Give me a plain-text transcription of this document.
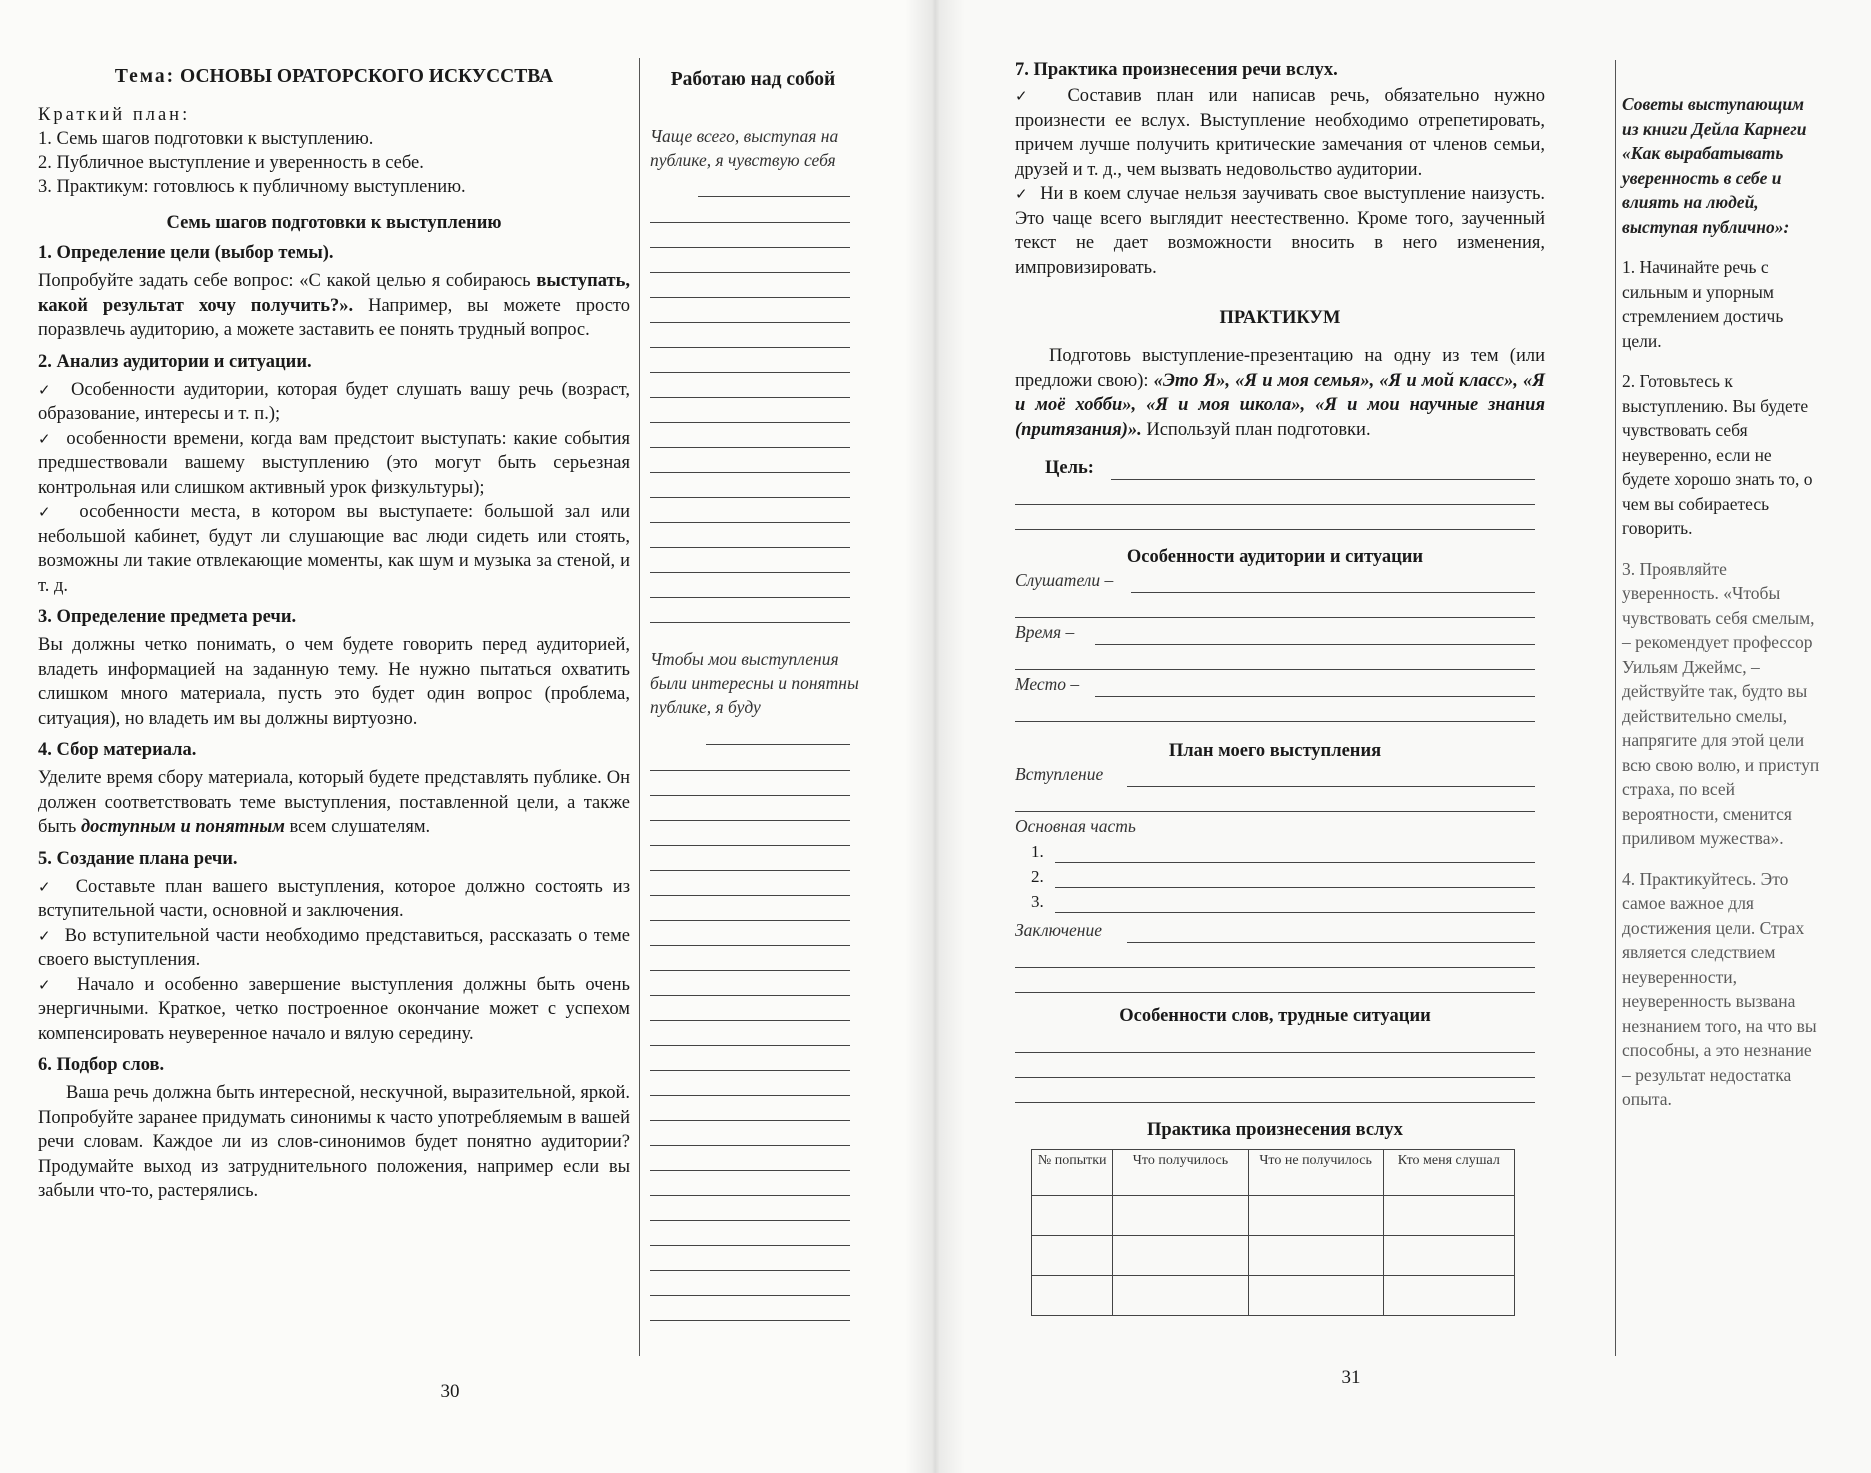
Тема: ОСНОВЫ ОРАТОРСКОГО ИСКУССТВА

Краткий план:

1. Семь шагов подготовки к выступлению.

2. Публичное выступление и уверенность в себе.

3. Практикум: готовлюсь к публичному выступлению.

Семь шагов подготовки к выступлению

1. Определение цели (выбор темы).

Попробуйте задать себе вопрос: «С какой целью я собираюсь выступать, какой результат хочу получить?». Например, вы можете просто поразвлечь аудиторию, а можете заставить ее понять трудный вопрос.

2. Анализ аудитории и ситуации.

✓ Особенности аудитории, которая будет слушать вашу речь (возраст, образование, интересы и т. п.);

✓ особенности времени, когда вам предстоит выступать: какие события предшествовали вашему выступлению (это могут быть серьезная контрольная или слишком активный урок физкультуры);

✓ особенности места, в котором вы выступаете: большой зал или небольшой кабинет, будут ли слушающие вас люди сидеть или стоять, возможны ли такие отвлекающие моменты, как шум и музыка за стеной, и т. д.

3. Определение предмета речи.

Вы должны четко понимать, о чем будете говорить перед аудиторией, владеть информацией на заданную тему. Не нужно пытаться охватить слишком много материала, пусть это будет один вопрос (проблема, ситуация), но владеть им вы должны виртуозно.

4. Сбор материала.

Уделите время сбору материала, который будете представлять публике. Он должен соответствовать теме выступления, поставленной цели, а также быть доступным и понятным всем слушателям.

5. Создание плана речи.

✓ Составьте план вашего выступления, которое должно состоять из вступительной части, основной и заключения.

✓ Во вступительной части необходимо представиться, рассказать о теме своего выступления.

✓ Начало и особенно завершение выступления должны быть очень энергичными. Краткое, четко построенное окончание может с успехом компенсировать неуверенное начало и вялую середину.

6. Подбор слов.

Ваша речь должна быть интересной, нескучной, выразительной, яркой. Попробуйте заранее придумать синонимы к часто употребляемым в вашей речи словам. Каждое ли из слов-синонимов будет понятно аудитории? Продумайте выход из затруднительного положения, например если вы забыли что-то, растерялись.

Работаю над собой
Чаще всего, выступая на публике, я чувствую себя
Чтобы мои выступления были интересны и понятны публике, я буду
30

7. Практика произнесения речи вслух.

✓ Составив план или написав речь, обязательно нужно произнести ее вслух. Выступление необходимо отрепетировать, причем лучше получить критические замечания от членов семьи, друзей и т. д., чем вызвать недовольство аудитории.

✓ Ни в коем случае нельзя заучивать свое выступление наизусть. Это чаще всего выглядит неестественно. Кроме того, заученный текст не дает возможности вносить в него изменения, импровизировать.

ПРАКТИКУМ
Подготовь выступление-презентацию на одну из тем (или предложи свою): «Это Я», «Я и моя семья», «Я и мой класс», «Я и моё хобби», «Я и моя школа», «Я и мои научные знания (притязания)». Используй план подготовки.
Цель:
Особенности аудитории и ситуации
Слушатели –
Время –
Место –
План моего выступления
Вступление
Основная часть
1.
2.
3.
Заключение
Особенности слов, трудные ситуации
Практика произнесения вслух
№ попытки	Что получилось	Что не получилось	Кто меня слушал

Советы выступающим из книги Дейла Карнеги «Как вырабатывать уверенность в себе и влиять на людей, выступая публично»:

1. Начинайте речь с сильным и упорным стремлением достичь цели.

2. Готовьтесь к выступлению. Вы будете чувствовать себя неуверенно, если не будете хорошо знать то, о чем вы собираетесь говорить.

3. Проявляйте уверенность. «Чтобы чувствовать себя смелым, – рекомендует профессор Уильям Джеймс, – действуйте так, будто вы действительно смелы, напрягите для этой цели всю свою волю, и приступ страха, по всей вероятности, сменится приливом мужества».

4. Практикуйтесь. Это самое важное для достижения цели. Страх является следствием неуверенности, неуверенность вызвана незнанием того, на что вы способны, а это незнание – результат недостатка опыта.

31
